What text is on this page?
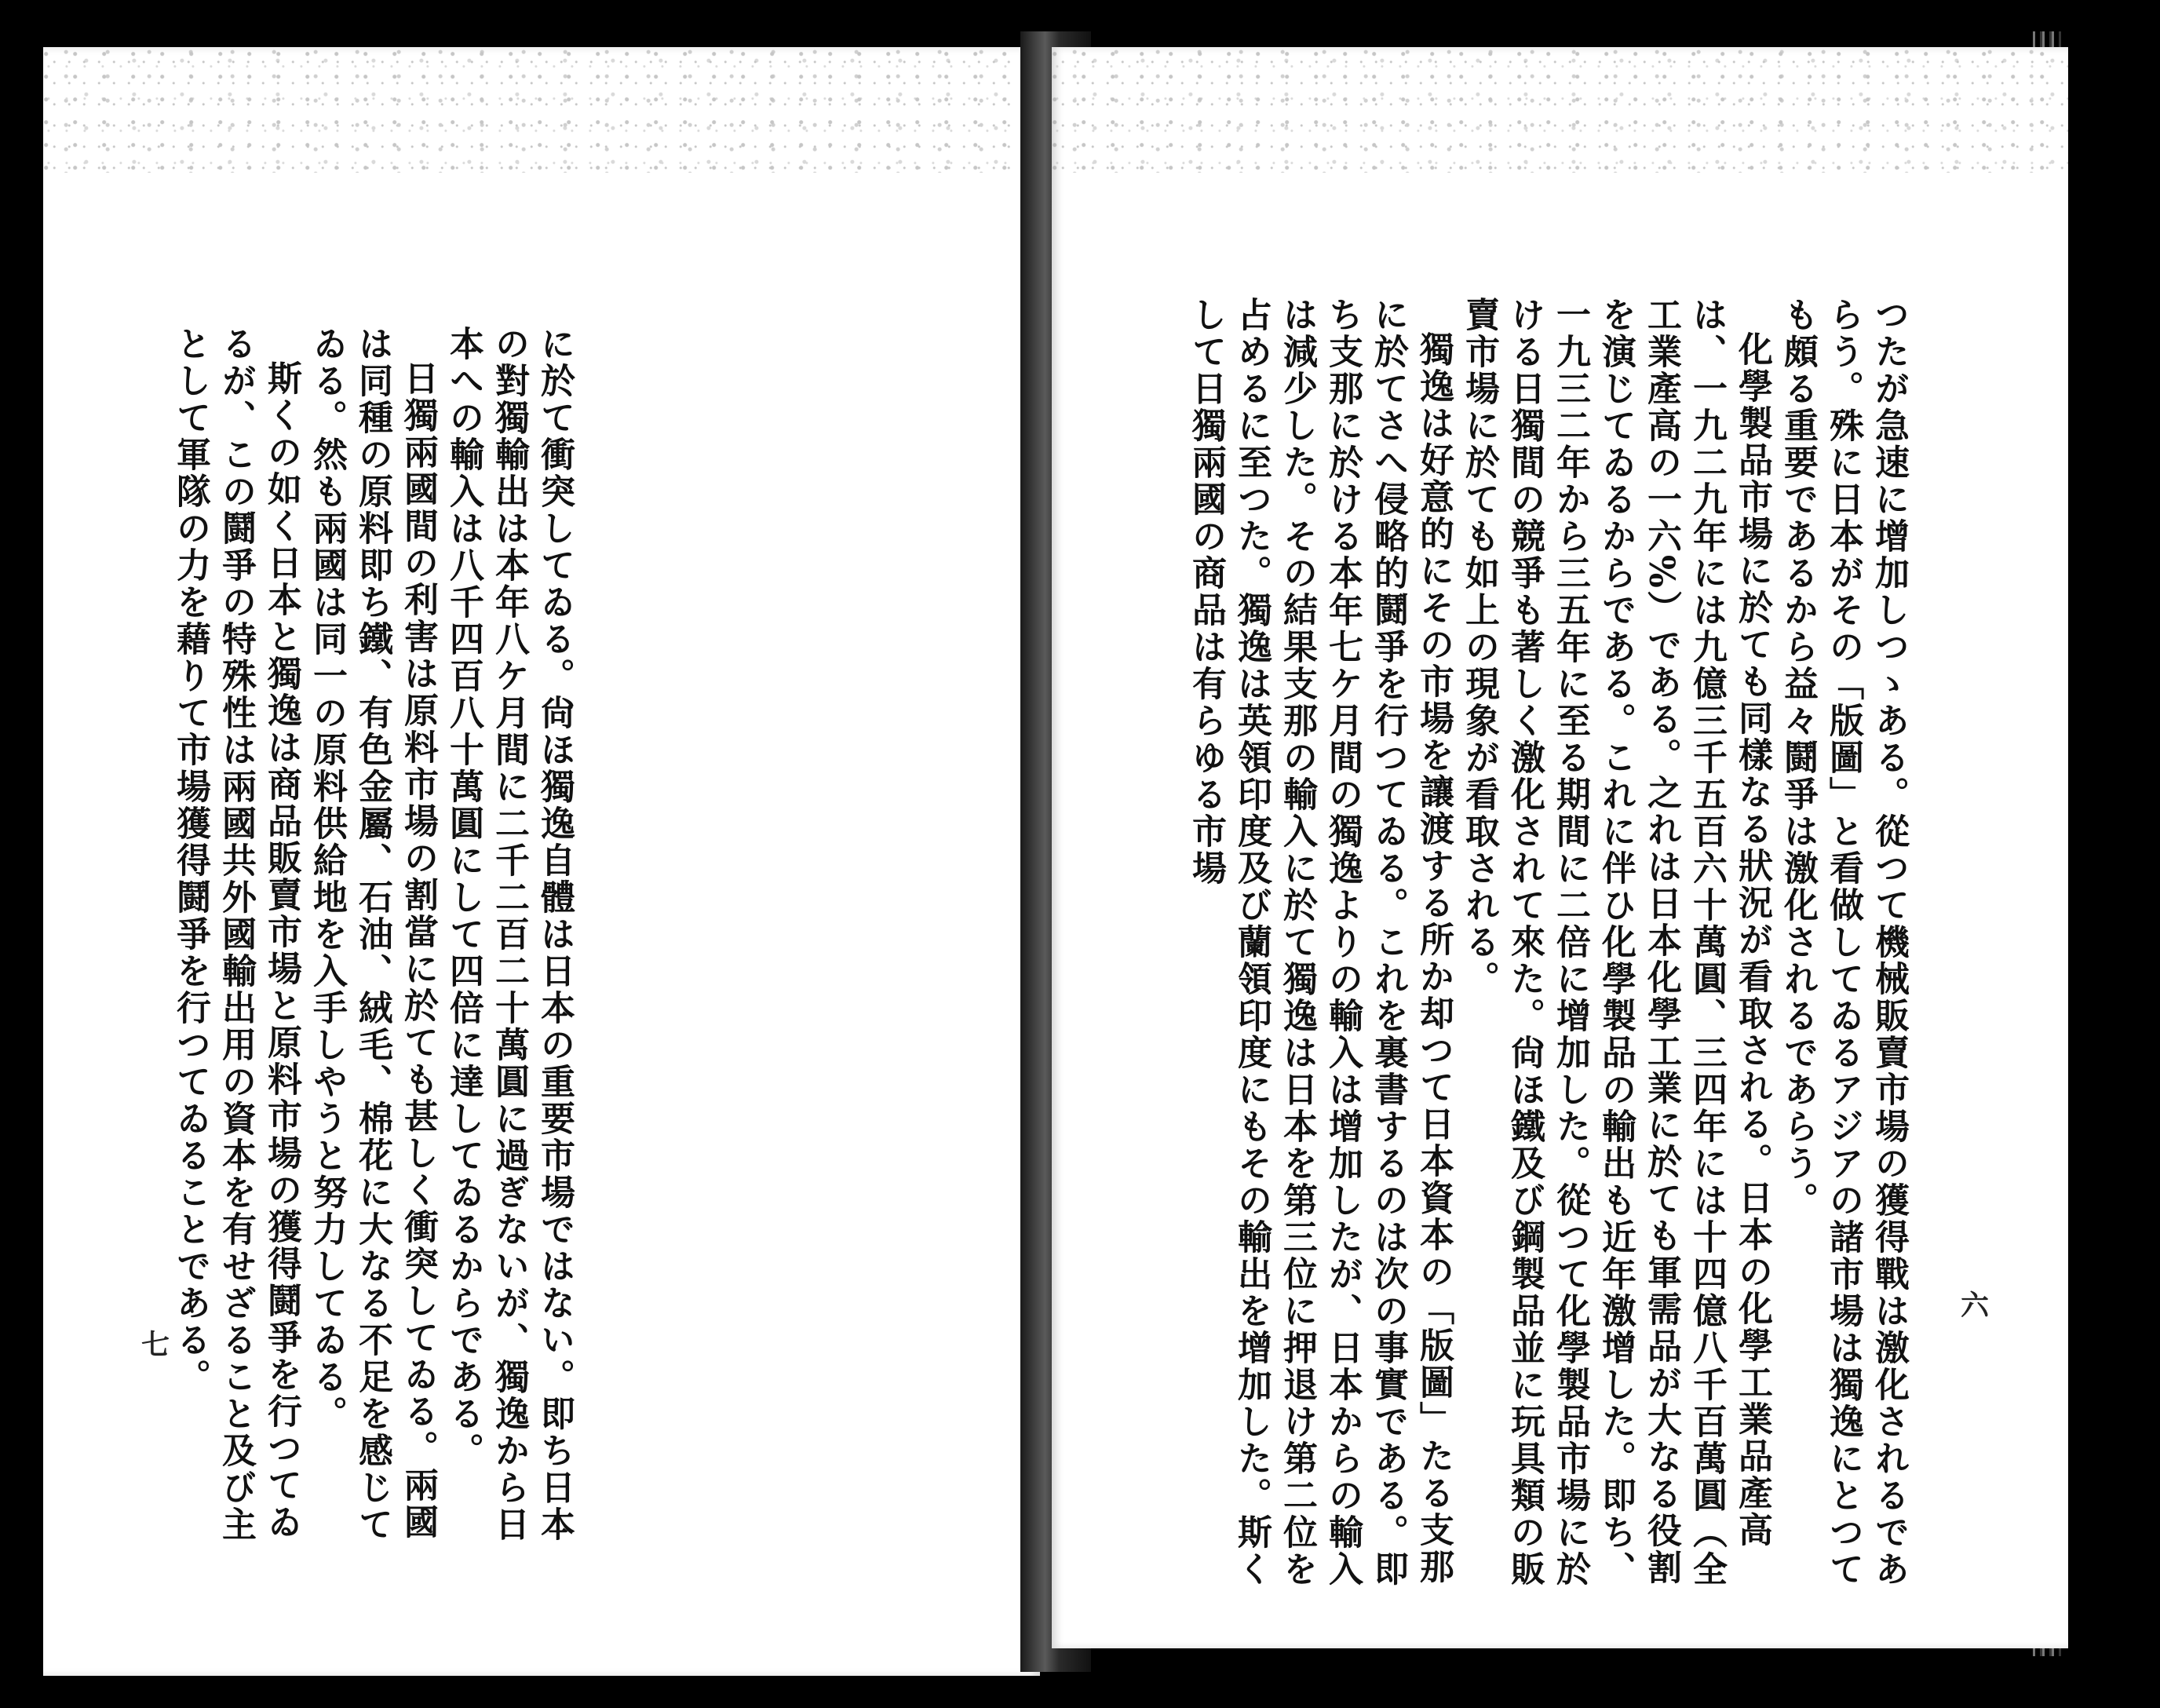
に於て衝突してゐる。尙ほ獨逸自體は日本の重要市場ではない。即ち日本の對獨輸出は本年八ケ月間に二千二百二十萬圓に過ぎないが、獨逸から日本への輸入は八千四百八十萬圓にして四倍に達してゐるからである。

日獨兩國間の利害は原料市場の割當に於ても甚しく衝突してゐる。兩國は同種の原料即ち鐵、有色金屬、石油、絨毛、棉花に大なる不足を感じてゐる。然も兩國は同一の原料供給地を入手しやうと努力してゐる。

斯くの如く日本と獨逸は商品販賣市場と原料市場の獲得鬪爭を行つてゐるが、この鬪爭の特殊性は兩國共外國輸出用の資本を有せざること及び主として軍隊の力を藉りて市場獲得鬪爭を行つてゐることである。

七	つたが急速に增加しつゝある。從つて機械販賣市場の獲得戰は激化されるであらう。殊に日本がその「版圖」と看做してゐるアジアの諸市場は獨逸にとつても頗る重要であるから益々鬪爭は激化されるであらう。

化學製品市場に於ても同樣なる狀況が看取される。日本の化學工業品產高は、一九二九年には九億三千五百六十萬圓、三四年には十四億八千百萬圓（全工業產高の一六%）である。之れは日本化學工業に於ても軍需品が大なる役割を演じてゐるからである。これに伴ひ化學製品の輸出も近年激增した。即ち、一九三二年から三五年に至る期間に二倍に增加した。從つて化學製品市場に於ける日獨間の競爭も著しく激化されて來た。尙ほ鐵及び鋼製品並に玩具類の販賣市場に於ても如上の現象が看取される。

獨逸は好意的にその市場を讓渡する所か却つて日本資本の「版圖」たる支那に於てさへ侵略的鬪爭を行つてゐる。これを裏書するのは次の事實である。即ち支那に於ける本年七ケ月間の獨逸よりの輸入は增加したが、日本からの輸入は減少した。その結果支那の輸入に於て獨逸は日本を第三位に押退け第二位を占めるに至つた。獨逸は英領印度及び蘭領印度にもその輸出を增加した。斯くして日獨兩國の商品は有らゆる市場

六
